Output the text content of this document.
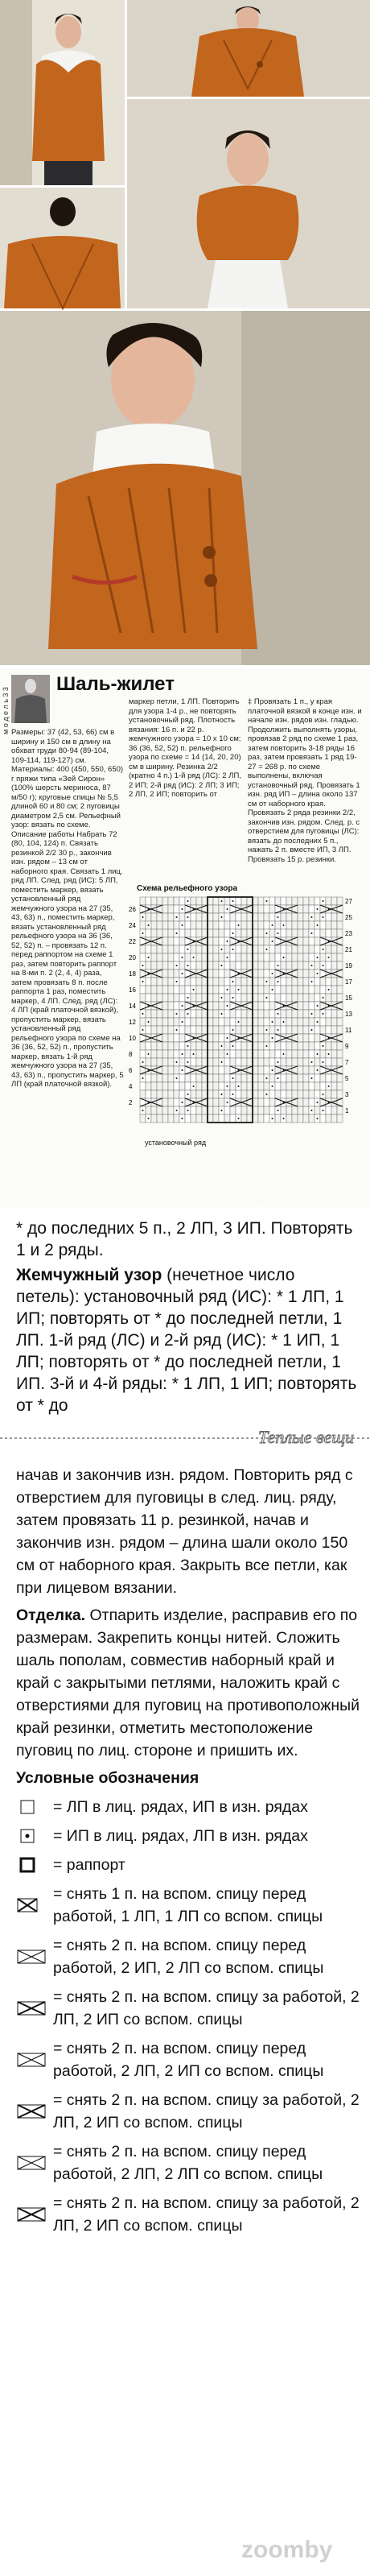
м о д е л ь 3 3
Шаль-жилет
Размеры: 37 (42, 53, 66) см в ширину и 150 см в длину на обхват груди 80-94 (89-104, 109-114, 119-127) см. Материалы: 400 (450, 550, 650) г пряжи типа «Зей Сирон» (100% шерсть мериноса, 87 м/50 г); круговые спицы № 5,5 длиной 60 и 80 см; 2 пуговицы диаметром 2,5 см. Рельефный узор: вязать по схеме. Описание работы Набрать 72 (80, 104, 124) п. Связать резинкой 2/2 30 р., закончив изн. рядом – 13 см от наборного края. Связать 1 лиц. ряд ЛП. След. ряд (ИС): 5 ЛП, поместить маркер, вязать установленный ряд жемчужного узора на 27 (35, 43, 63) п., поместить маркер, вязать установленный ряд рельефного узора на 36 (36, 52, 52) п. – провязать 12 п. перед раппортом на схеме 1 раз, затем повторить раппорт на 8-ми п. 2 (2, 4, 4) раза, затем провязать 8 п. после раппорта 1 раз, поместить маркер, 4 ЛП. След. ряд (ЛС): 4 ЛП (край платочной вязкой), пропустить маркер, вязать установленный ряд рельефного узора по схеме на 36 (36, 52, 52) п., пропустить маркер, вязать 1-й ряд жемчужного узора на 27 (35, 43, 63) п., пропустить маркер, 5 ЛП (край платочной вязкой).
маркер петли, 1 ЛП. Повторить для узора 1-4 р., не повторять установочный ряд. Плотность вязания: 16 п. и 22 р. жемчужного узора = 10 х 10 см; 36 (36, 52, 52) п. рельефного узора по схеме = 14 (14, 20, 20) см в ширину. Резинка 2/2 (кратно 4 п.) 1-й ряд (ЛС): 2 ЛП, 2 ИП; 2-й ряд (ИС): 2 ЛП; 3 ИП; 2 ЛП, 2 ИП; повторить от
‡ Провязать 1 п., у края платочной вязкой в конце изн. и начале изн. рядов изн. гладью. Продолжить выполнять узоры, провязав 2 ряд по схеме 1 раз, затем повторить 3-18 ряды 16 раз, затем провязать 1 ряд 19-27 = 268 р. по схеме выполнены, включая установочный ряд. Провязать 1 изн. ряд ИП – длина около 137 см от наборного края. Провязать 2 ряда резинки 2/2, закончив изн. рядом. След. р. с отверстием для пуговицы (ЛС): вязать до последних 5 п., нажать 2 п. вместе ИП, 3 ЛП. Провязать 15 р. резинки.
Схема рельефного узора
27
25
23
21
19
17
15
13
11
9
7
5
3
1
26
24
22
20
18
16
14
12
10
8
6
4
2
установочный ряд

* до последних 5 п., 2 ЛП, 3 ИП. Повторять 1 и 2 ряды.

Жемчужный узор (нечетное число петель): установочный ряд (ИС): * 1 ЛП, 1 ИП; повторять от * до последней петли, 1 ЛП. 1-й ряд (ЛС) и 2-й ряд (ИС): * 1 ИП, 1 ЛП; повторять от * до последней петли, 1 ИП. 3-й и 4-й ряды: * 1 ЛП, 1 ИП; повторять от * до

Теплые вещи

начав и закончив изн. рядом. Повторить ряд с отверстием для пуговицы в след. лиц. ряду, затем провязать 11 р. резинкой, начав и закончив изн. рядом – длина шали около 150 см от наборного края. Закрыть все петли, как при лицевом вязании.

Отделка. Отпарить изделие, расправив его по размерам. Закрепить концы нитей. Сложить шаль пополам, совместив наборный край и край с закрытыми петлями, наложить край с отверстиями для пуговиц на противоположный край резинки, отметить местоположение пуговиц по лиц. стороне и пришить их.

Условные обозначения

= ЛП в лиц. рядах, ИП в изн. рядах
= ИП в лиц. рядах, ЛП в изн. рядах
= раппорт
= снять 1 п. на вспом. спицу перед работой, 1 ЛП, 1 ЛП со вспом. спицы
= снять 2 п. на вспом. спицу перед работой, 2 ИП, 2 ЛП со вспом. спицы
= снять 2 п. на вспом. спицу за работой, 2 ЛП, 2 ИП со вспом. спицы
= снять 2 п. на вспом. спицу перед работой, 2 ЛП, 2 ИП со вспом. спицы
= снять 2 п. на вспом. спицу за работой, 2 ЛП, 2 ИП со вспом. спицы
= снять 2 п. на вспом. спицу перед работой, 2 ЛП, 2 ЛП со вспом. спицы
= снять 2 п. на вспом. спицу за работой, 2 ЛП, 2 ИП со вспом. спицы
zoomby
